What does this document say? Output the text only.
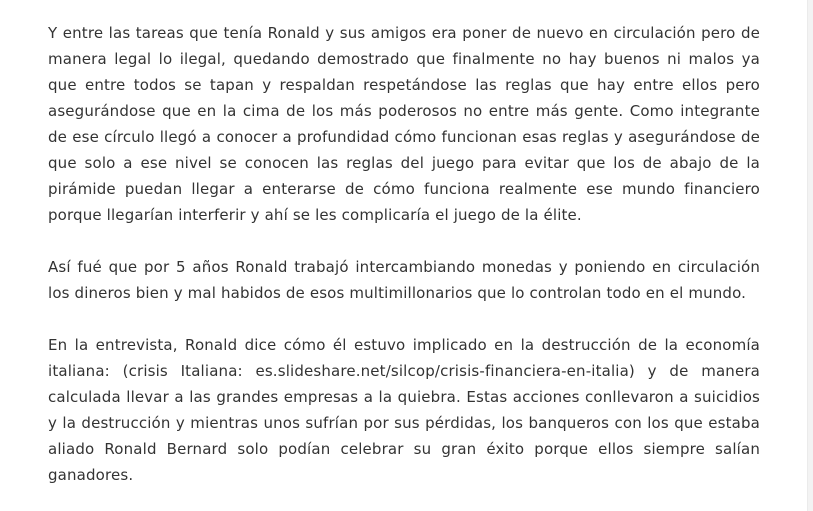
Y entre las tareas que tenía Ronald y sus amigos era poner de nuevo en circulación pero de manera legal lo ilegal, quedando demostrado que finalmente no hay buenos ni malos ya que entre todos se tapan y respaldan respetándose las reglas que hay entre ellos pero asegurándose que en la cima de los más poderosos no entre más gente. Como integrante de ese círculo llegó a conocer a profundidad cómo funcionan esas reglas y asegurándose de que solo a ese nivel se conocen las reglas del juego para evitar que los de abajo de la pirámide puedan llegar a enterarse de cómo funciona realmente ese mundo financiero porque llegarían interferir y ahí se les complicaría el juego de la élite.

Así fué que por 5 años Ronald trabajó intercambiando monedas y poniendo en circulación los dineros bien y mal habidos de esos multimillonarios que lo controlan todo en el mundo.

En la entrevista, Ronald dice cómo él estuvo implicado en la destrucción de la economía italiana: (crisis Italiana: es.slideshare.net/silcop/crisis-financiera-en-italia) y de manera calculada llevar a las grandes empresas a la quiebra. Estas acciones conllevaron a suicidios y la destrucción y mientras unos sufrían por sus pérdidas, los banqueros con los que estaba aliado Ronald Bernard solo podían celebrar su gran éxito porque ellos siempre salían ganadores.
